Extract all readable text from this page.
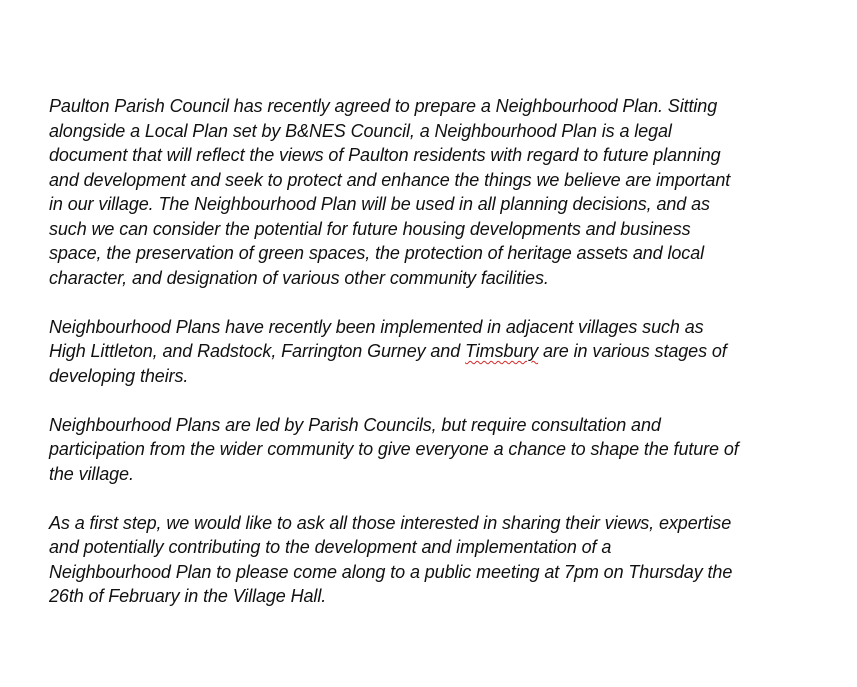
Paulton Parish Council has recently agreed to prepare a Neighbourhood Plan. Sitting
alongside a Local Plan set by B&NES Council, a Neighbourhood Plan is a legal
document that will reflect the views of Paulton residents with regard to future planning
and development and seek to protect and enhance the things we believe are important
in our village. The Neighbourhood Plan will be used in all planning decisions, and as
such we can consider the potential for future housing developments and business
space, the preservation of green spaces, the protection of heritage assets and local
character, and designation of various other community facilities.

Neighbourhood Plans have recently been implemented in adjacent villages such as
High Littleton, and Radstock, Farrington Gurney and Timsbury are in various stages of
developing theirs.

Neighbourhood Plans are led by Parish Councils, but require consultation and
participation from the wider community to give everyone a chance to shape the future of
the village.

As a first step, we would like to ask all those interested in sharing their views, expertise
and potentially contributing to the development and implementation of a
Neighbourhood Plan to please come along to a public meeting at 7pm on Thursday the
26th of February in the Village Hall.
